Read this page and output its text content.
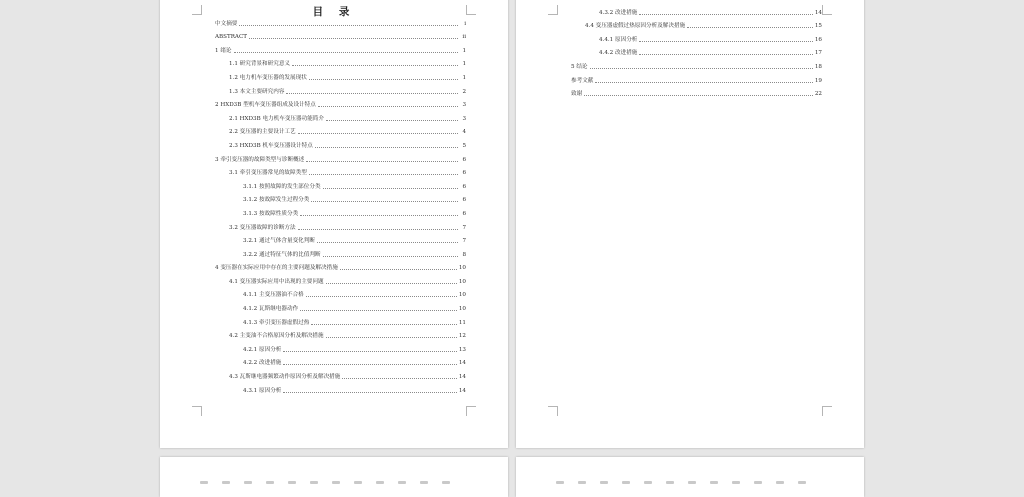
目 录
中文摘要	i
ABSTRACT	ii
1 绪论	1
1.1 研究背景和研究意义	1
1.2 电力机车变压器的发展现状	1
1.3 本文主要研究内容	2
2 HXD3B 型机车变压器组成及设计特点	3
2.1 HXD3B 电力机车变压器功能简介	3
2.2 变压器的主要设计工艺	4
2.3 HXD3B 机车变压器设计特点	5
3 牵引变压器的故障类型与诊断概述	6
3.1 牵引变压器常见的故障类型	6
3.1.1 按照故障的发生部位分类	6
3.1.2 按故障发生过程分类	6
3.1.3 按故障性质分类	6
3.2 变压器故障的诊断方法	7
3.2.1 通过气体含量变化判断	7
3.2.2 通过特征气体的比值判断	8
4 变压器在实际应用中存在的主要问题及解决措施	10
4.1 变压器实际应用中出现的主要问题	10
4.1.1 主变压器油不合格	10
4.1.2 瓦斯继电器动作	10
4.1.3 牵引变压器虚假过热	11
4.2 主变油不合格原因分析及解决措施	12
4.2.1 原因分析	13
4.2.2 改进措施	14
4.3 瓦斯继电器频繁动作原因分析及解决措施	14
4.3.1 原因分析	14
4.3.2 改进措施	14
4.4 变压器虚假过热原因分析及解决措施	15
4.4.1 原因分析	16
4.4.2 改进措施	17
5 结论	18
参考文献	19
致谢	22
